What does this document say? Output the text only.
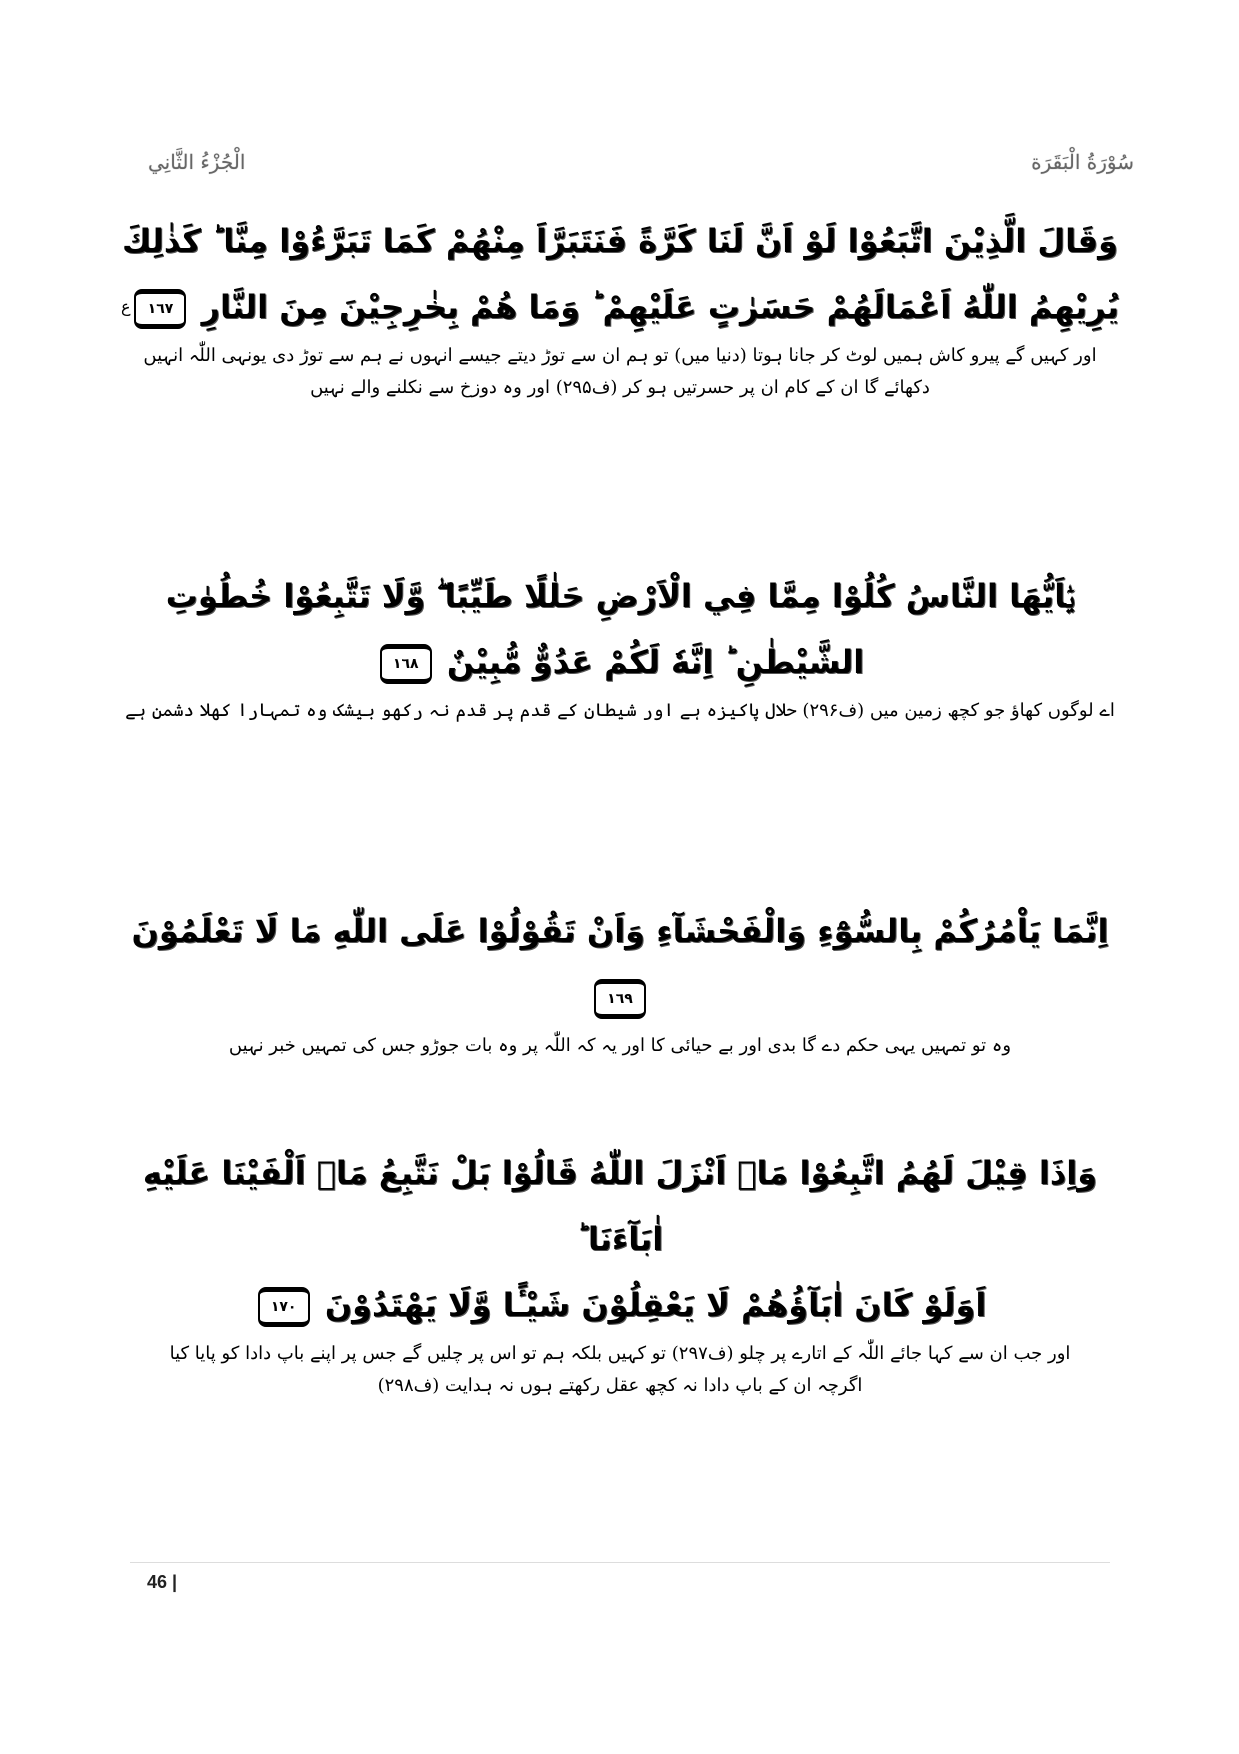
الْجُزْءُ الثَّانِي	سُوْرَةُ الْبَقَرَة
وَقَالَ الَّذِيْنَ اتَّبَعُوْا لَوْ اَنَّ لَنَا كَرَّةً فَنَتَبَرَّاَ مِنْهُمْ كَمَا تَبَرَّءُوْا مِنَّا ؕ كَذٰلِكَ
يُرِيْهِمُ اللّٰهُ اَعْمَالَهُمْ حَسَرٰتٍ عَلَيْهِمْ ؕ وَمَا هُمْ بِخٰرِجِيْنَ مِنَ النَّارِ $١٦٧^ع$
اور کہیں گے پیرو کاش ہمیں لوٹ کر جانا ہوتا (دنیا میں) تو ہم ان سے توڑ دیتے جیسے انہوں نے ہم سے توڑ دی یونہی اللّٰہ انہیں
دکھائے گا ان کے کام ان پر حسرتیں ہو کر (ف۲۹۵) اور وہ دوزخ سے نکلنے والے نہیں
يٰۤاَيُّهَا النَّاسُ كُلُوْا مِمَّا فِي الْاَرْضِ حَلٰلًا طَيِّبًا ۖ وَّلَا تَتَّبِعُوْا خُطُوٰتِ
الشَّيْطٰنِ ؕ اِنَّهٗ لَكُمْ عَدُوٌّ مُّبِيْنٌ ١٦٨
اے لوگوں کھاؤ جو کچھ زمین میں (ف۲۹۶) حلال پاکیزہ ہے اور شیطان کے قدم پر قدم نہ رکھو بیشک وہ تمہارا کھلا دشمن ہے
اِنَّمَا يَاْمُرُكُمْ بِالسُّوْٓءِ وَالْفَحْشَآءِ وَاَنْ تَقُوْلُوْا عَلَى اللّٰهِ مَا لَا تَعْلَمُوْنَ ١٦٩
وہ تو تمہیں یہی حکم دے گا بدی اور بے حیائی کا اور یہ کہ اللّٰہ پر وہ بات جوڑو جس کی تمہیں خبر نہیں
وَاِذَا قِيْلَ لَهُمُ اتَّبِعُوْا مَاۤ اَنْزَلَ اللّٰهُ قَالُوْا بَلْ نَتَّبِعُ مَاۤ اَلْفَيْنَا عَلَيْهِ اٰبَآءَنَا ؕ
اَوَلَوْ كَانَ اٰبَآؤُهُمْ لَا يَعْقِلُوْنَ شَيْـًٔا وَّلَا يَهْتَدُوْنَ ١٧٠
اور جب ان سے کہا جائے اللّٰہ کے اتارے پر چلو (ف۲۹۷) تو کہیں بلکہ ہم تو اس پر چلیں گے جس پر اپنے باپ دادا کو پایا کیا
اگرچہ ان کے باپ دادا نہ کچھ عقل رکھتے ہوں نہ ہدایت (ف۲۹۸)
46 |
